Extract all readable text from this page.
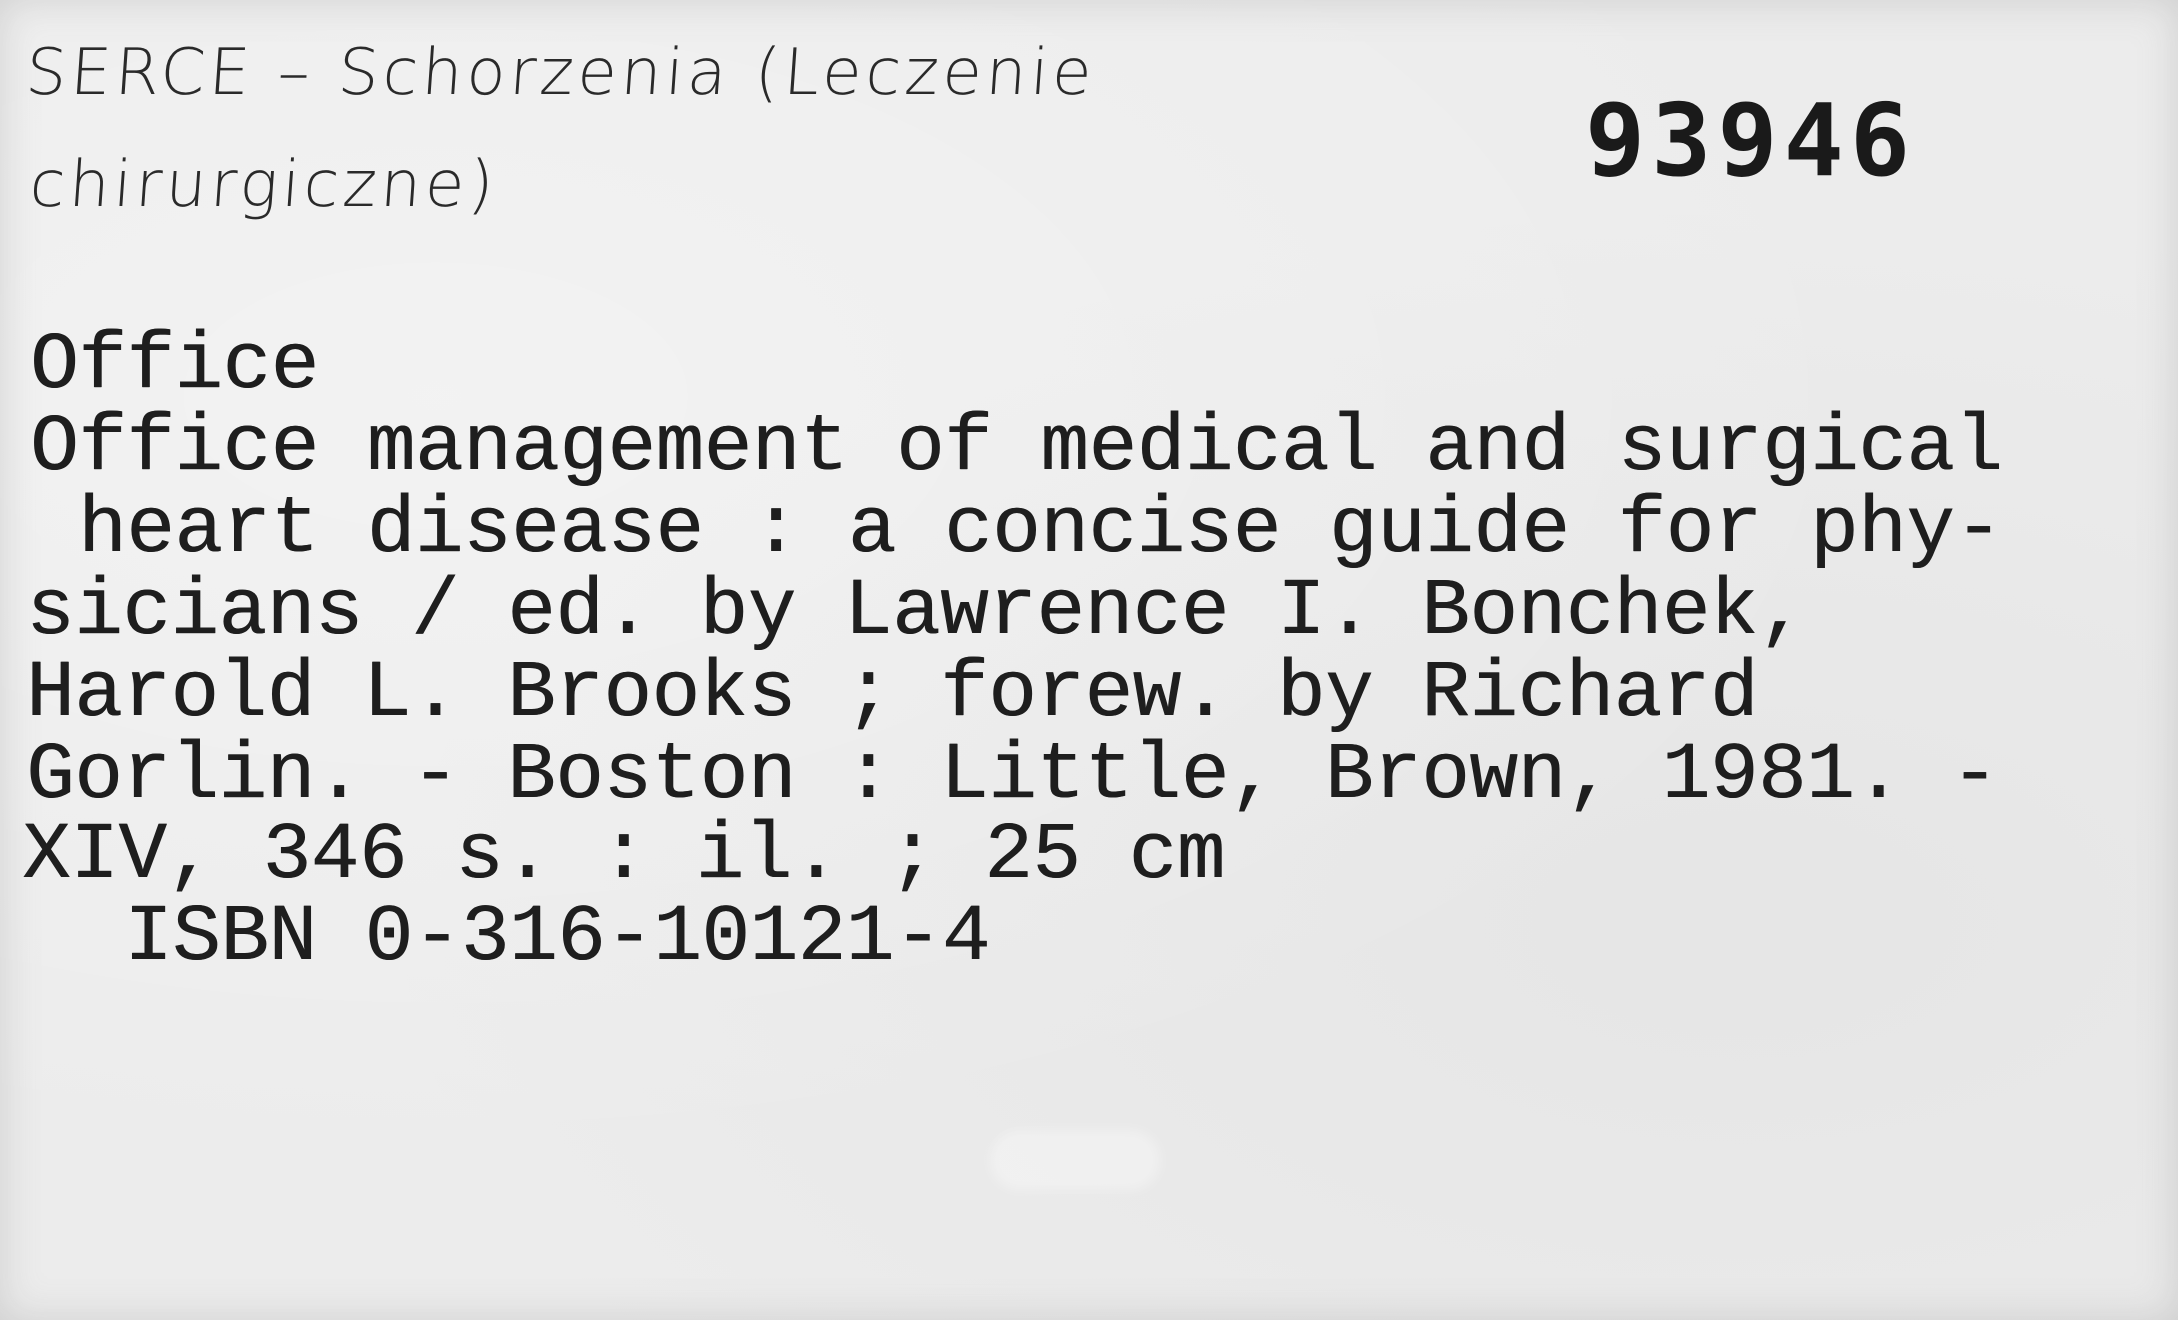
SERCE – Schorzenia (Leczenie
chirurgiczne)	93946
Office
Office management of medical and surgical
heart disease : a concise guide for phy-
sicians / ed. by Lawrence I. Bonchek,
Harold L. Brooks ; forew. by Richard
Gorlin. - Boston : Little, Brown, 1981. -
XIV, 346 s. : il. ; 25 cm
ISBN 0-316-10121-4
